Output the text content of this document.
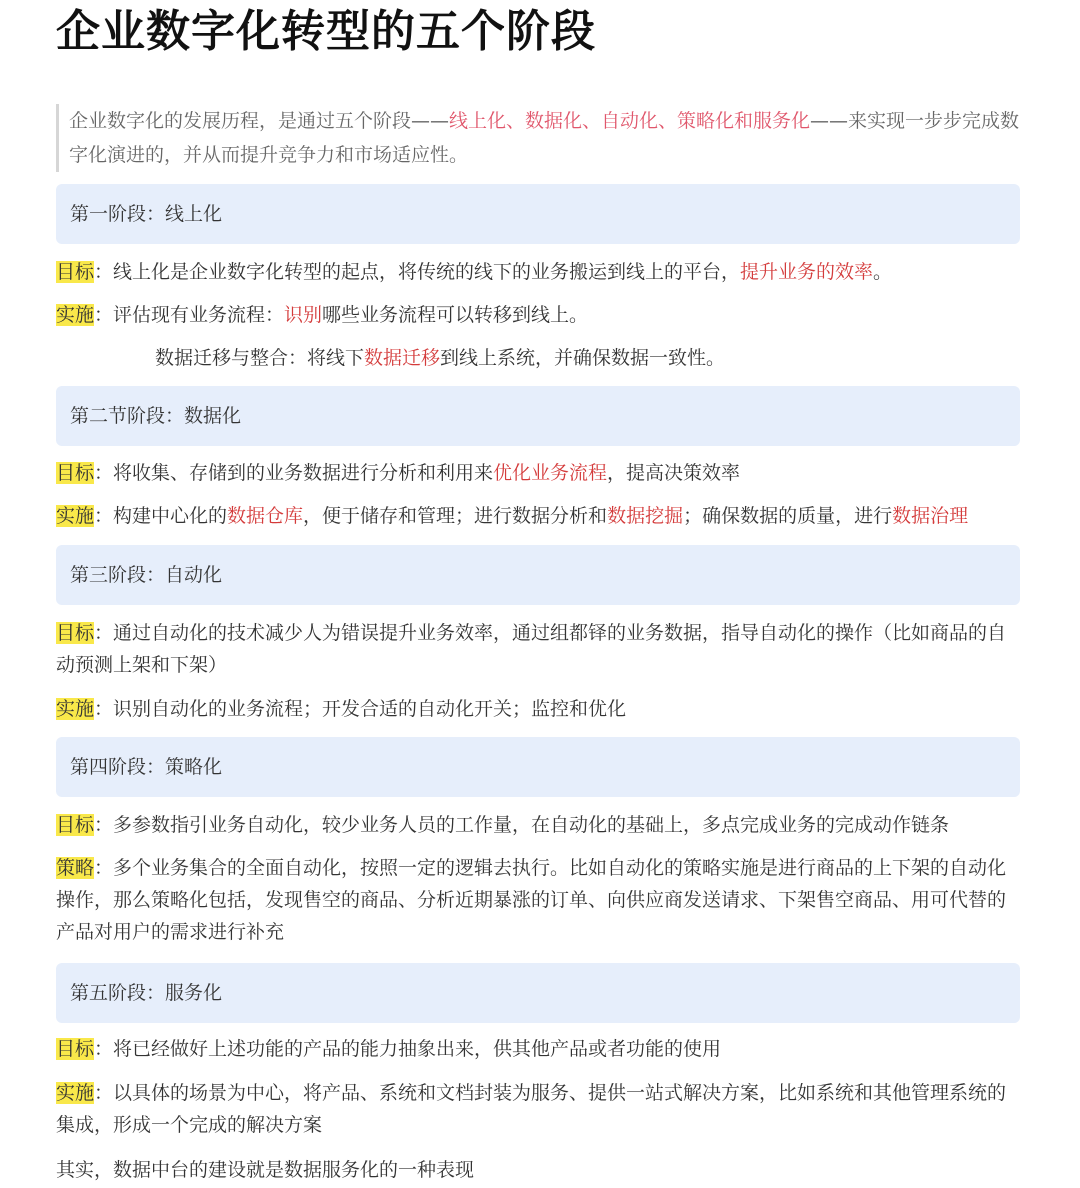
企业数字化转型的五个阶段
企业数字化的发展历程，是通过五个阶段——线上化、数据化、自动化、策略化和服务化——来实现一步步完成数字化演进的，并从而提升竞争力和市场适应性。
第一阶段：线上化
目标：线上化是企业数字化转型的起点，将传统的线下的业务搬运到线上的平台，提升业务的效率。
实施：评估现有业务流程：识别哪些业务流程可以转移到线上。
数据迁移与整合：将线下数据迁移到线上系统，并确保数据一致性。
第二节阶段：数据化
目标：将收集、存储到的业务数据进行分析和利用来优化业务流程，提高决策效率
实施：构建中心化的数据仓库，便于储存和管理；进行数据分析和数据挖掘；确保数据的质量，进行数据治理
第三阶段：自动化
目标：通过自动化的技术减少人为错误提升业务效率，通过组都铎的业务数据，指导自动化的操作（比如商品的自动预测上架和下架）
实施：识别自动化的业务流程；开发合适的自动化开关；监控和优化
第四阶段：策略化
目标：多参数指引业务自动化，较少业务人员的工作量，在自动化的基础上，多点完成业务的完成动作链条
策略：多个业务集合的全面自动化，按照一定的逻辑去执行。比如自动化的策略实施是进行商品的上下架的自动化操作，那么策略化包括，发现售空的商品、分析近期暴涨的订单、向供应商发送请求、下架售空商品、用可代替的产品对用户的需求进行补充
第五阶段：服务化
目标：将已经做好上述功能的产品的能力抽象出来，供其他产品或者功能的使用
实施：以具体的场景为中心，将产品、系统和文档封装为服务、提供一站式解决方案，比如系统和其他管理系统的集成，形成一个完成的解决方案
其实，数据中台的建设就是数据服务化的一种表现
